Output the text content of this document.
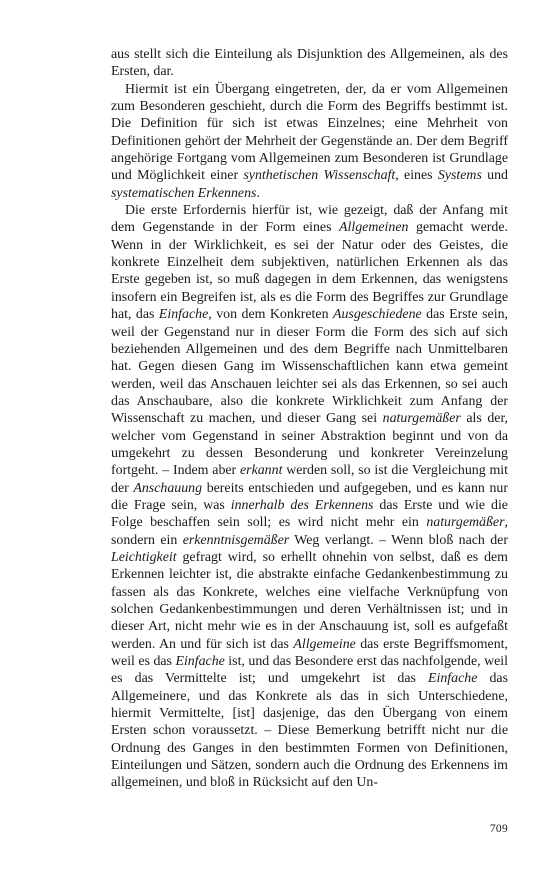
aus stellt sich die Einteilung als Disjunktion des Allgemeinen, als des Ersten, dar.

Hiermit ist ein Übergang eingetreten, der, da er vom Allgemeinen zum Besonderen geschieht, durch die Form des Begriffs bestimmt ist. Die Definition für sich ist etwas Einzelnes; eine Mehrheit von Definitionen gehört der Mehrheit der Gegenstände an. Der dem Begriff angehörige Fortgang vom Allgemeinen zum Besonderen ist Grundlage und Möglichkeit einer synthetischen Wissenschaft, eines Systems und systematischen Erkennens.

Die erste Erfordernis hierfür ist, wie gezeigt, daß der Anfang mit dem Gegenstande in der Form eines Allgemeinen gemacht werde. Wenn in der Wirklichkeit, es sei der Natur oder des Geistes, die konkrete Einzelheit dem subjektiven, natürlichen Erkennen als das Erste gegeben ist, so muß dagegen in dem Erkennen, das wenigstens insofern ein Begreifen ist, als es die Form des Begriffes zur Grundlage hat, das Einfache, von dem Konkreten Ausgeschiedene das Erste sein, weil der Gegenstand nur in dieser Form die Form des sich auf sich beziehenden Allgemeinen und des dem Begriffe nach Unmittelbaren hat. Gegen diesen Gang im Wissenschaftlichen kann etwa gemeint werden, weil das Anschauen leichter sei als das Erkennen, so sei auch das Anschaubare, also die konkrete Wirklichkeit zum Anfang der Wissenschaft zu machen, und dieser Gang sei naturgemäßer als der, welcher vom Gegenstand in seiner Abstraktion beginnt und von da umgekehrt zu dessen Besonderung und konkreter Vereinzelung fortgeht. – Indem aber erkannt werden soll, so ist die Vergleichung mit der Anschauung bereits entschieden und aufgegeben, und es kann nur die Frage sein, was innerhalb des Erkennens das Erste und wie die Folge beschaffen sein soll; es wird nicht mehr ein naturgemäßer, sondern ein erkenntnisgemäßer Weg verlangt. – Wenn bloß nach der Leichtigkeit gefragt wird, so erhellt ohnehin von selbst, daß es dem Erkennen leichter ist, die abstrakte einfache Gedankenbestimmung zu fassen als das Konkrete, welches eine vielfache Verknüpfung von solchen Gedankenbestimmungen und deren Verhältnissen ist; und in dieser Art, nicht mehr wie es in der Anschauung ist, soll es aufgefaßt werden. An und für sich ist das Allgemeine das erste Begriffsmoment, weil es das Einfache ist, und das Besondere erst das nachfolgende, weil es das Vermittelte ist; und umgekehrt ist das Einfache das Allgemeinere, und das Konkrete als das in sich Unterschiedene, hiermit Vermittelte, [ist] dasjenige, das den Übergang von einem Ersten schon voraussetzt. – Diese Bemerkung betrifft nicht nur die Ordnung des Ganges in den bestimmten Formen von Definitionen, Einteilungen und Sätzen, sondern auch die Ordnung des Erkennens im allgemeinen, und bloß in Rücksicht auf den Un-

709
